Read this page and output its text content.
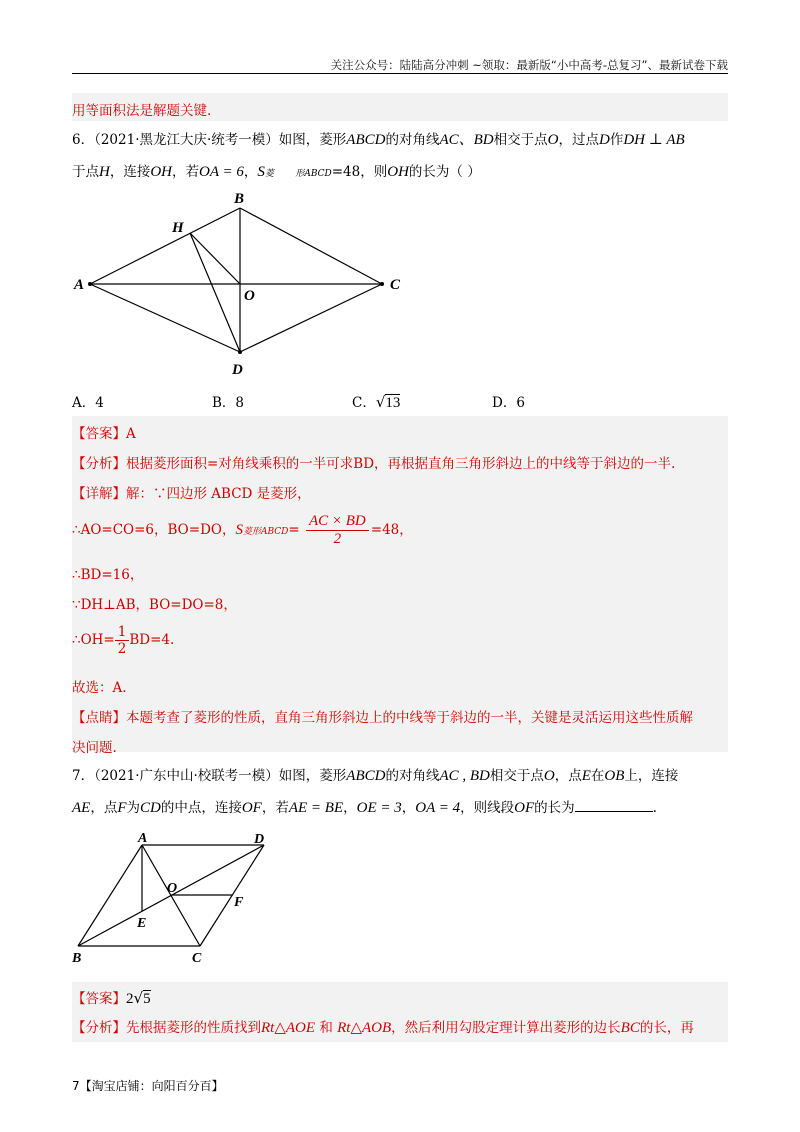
关注公众号：陆陆高分冲刺 ~领取：最新版“小中高考-总复习”、最新试卷下载
用等面积法是解题关键.
6．（2021·黑龙江大庆·统考一模）如图，菱形ABCD的对角线AC、BD相交于点O，过点D作DH ⊥ AB
于点H，连接OH，若OA = 6，S菱 形ABCD=48，则OH的长为（ ）
A
B
C
D
H
O
A．4	B．8	C．√13	D．6
【答案】A
【分析】根据菱形面积=对角线乘积的一半可求BD，再根据直角三角形斜边上的中线等于斜边的一半.
【详解】解：∵四边形 ABCD 是菱形，
∴AO=CO=6，BO=DO，S菱形ABCD= $\frac{AC \times BD}{2} =48$，
∴BD=16，
∵DH⊥AB，BO=DO=8，
∴OH= $\frac{1}{2} BD=4$.
故选：A.
【点睛】本题考查了菱形的性质，直角三角形斜边上的中线等于斜边的一半，关键是灵活运用这些性质解
决问题.
7．（2021·广东中山·校联考一模）如图，菱形ABCD的对角线AC , BD相交于点O，点E在OB上，连接
AE，点F为CD的中点，连接OF，若AE = BE，OE = 3，OA = 4，则线段OF的长为	.
A	D
O
F
E
B	C
【答案】2√5
【分析】先根据菱形的性质找到Rt△AOE 和 Rt△AOB，然后利用勾股定理计算出菱形的边长BC的长，再
7【淘宝店铺：向阳百分百】
